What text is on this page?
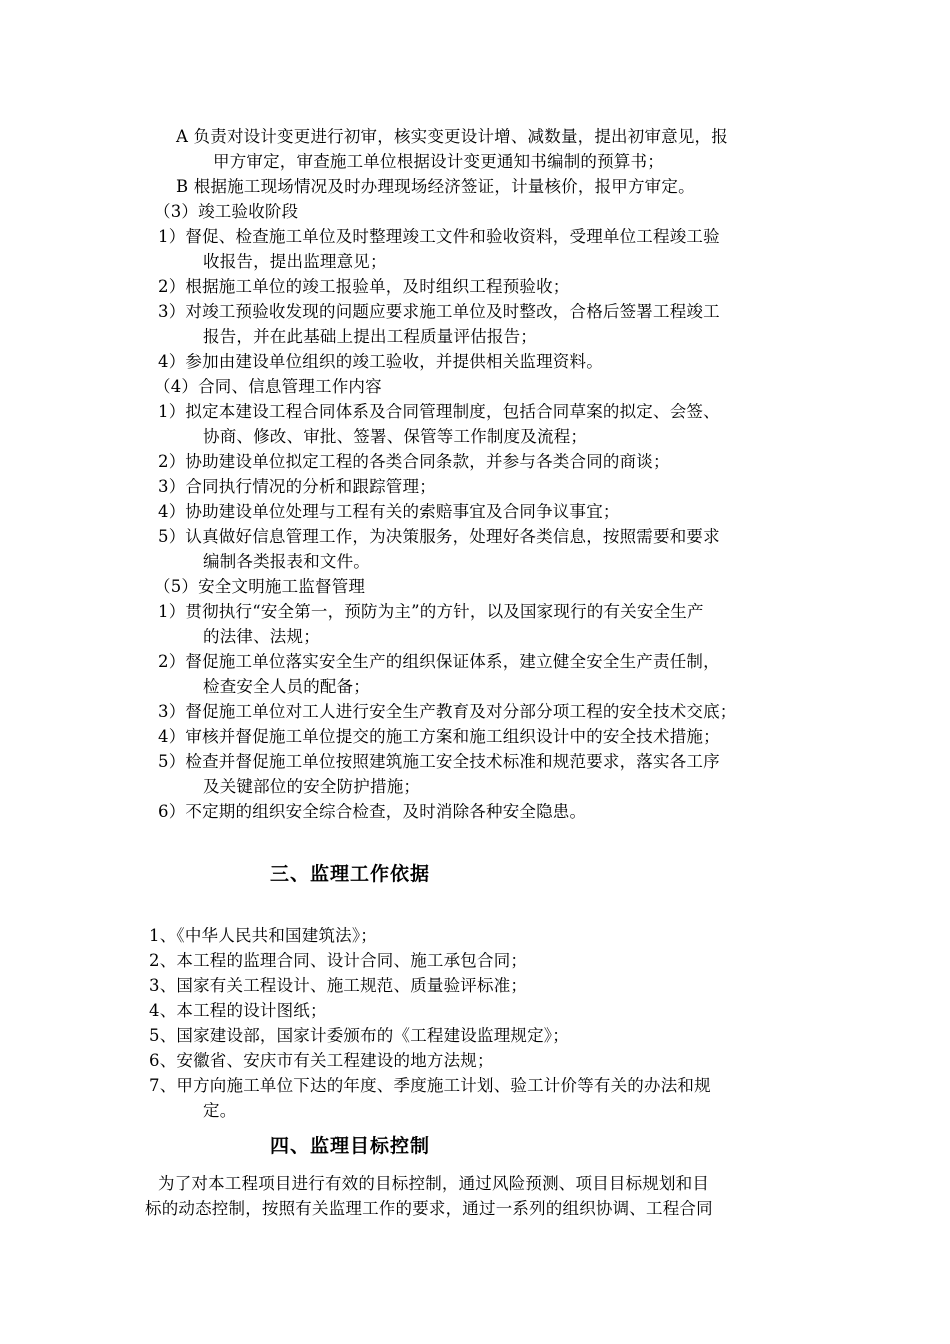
A 负责对设计变更进行初审，核实变更设计增、减数量，提出初审意见，报
甲方审定，审查施工单位根据设计变更通知书编制的预算书；
B 根据施工现场情况及时办理现场经济签证，计量核价，报甲方审定。
（3）竣工验收阶段
1）督促、检查施工单位及时整理竣工文件和验收资料，受理单位工程竣工验
收报告，提出监理意见；
2）根据施工单位的竣工报验单，及时组织工程预验收；
3）对竣工预验收发现的问题应要求施工单位及时整改，合格后签署工程竣工
报告，并在此基础上提出工程质量评估报告；
4）参加由建设单位组织的竣工验收，并提供相关监理资料。
（4）合同、信息管理工作内容
1）拟定本建设工程合同体系及合同管理制度，包括合同草案的拟定、会签、
协商、修改、审批、签署、保管等工作制度及流程；
2）协助建设单位拟定工程的各类合同条款，并参与各类合同的商谈；
3）合同执行情况的分析和跟踪管理；
4）协助建设单位处理与工程有关的索赔事宜及合同争议事宜；
5）认真做好信息管理工作，为决策服务，处理好各类信息，按照需要和要求
编制各类报表和文件。
（5）安全文明施工监督管理
1）贯彻执行“安全第一，预防为主”的方针，以及国家现行的有关安全生产
的法律、法规；
2）督促施工单位落实安全生产的组织保证体系，建立健全安全生产责任制，
检查安全人员的配备；
3）督促施工单位对工人进行安全生产教育及对分部分项工程的安全技术交底；
4）审核并督促施工单位提交的施工方案和施工组织设计中的安全技术措施；
5）检查并督促施工单位按照建筑施工安全技术标准和规范要求，落实各工序
及关键部位的安全防护措施；
6）不定期的组织安全综合检查，及时消除各种安全隐患。
三、监理工作依据
1、《中华人民共和国建筑法》；
2、本工程的监理合同、设计合同、施工承包合同；
3、国家有关工程设计、施工规范、质量验评标准；
4、本工程的设计图纸；
5、国家建设部，国家计委颁布的《工程建设监理规定》；
6、安徽省、安庆市有关工程建设的地方法规；
7、甲方向施工单位下达的年度、季度施工计划、验工计价等有关的办法和规
定。
四、监理目标控制
为了对本工程项目进行有效的目标控制，通过风险预测、项目目标规划和目
标的动态控制，按照有关监理工作的要求，通过一系列的组织协调、工程合同
